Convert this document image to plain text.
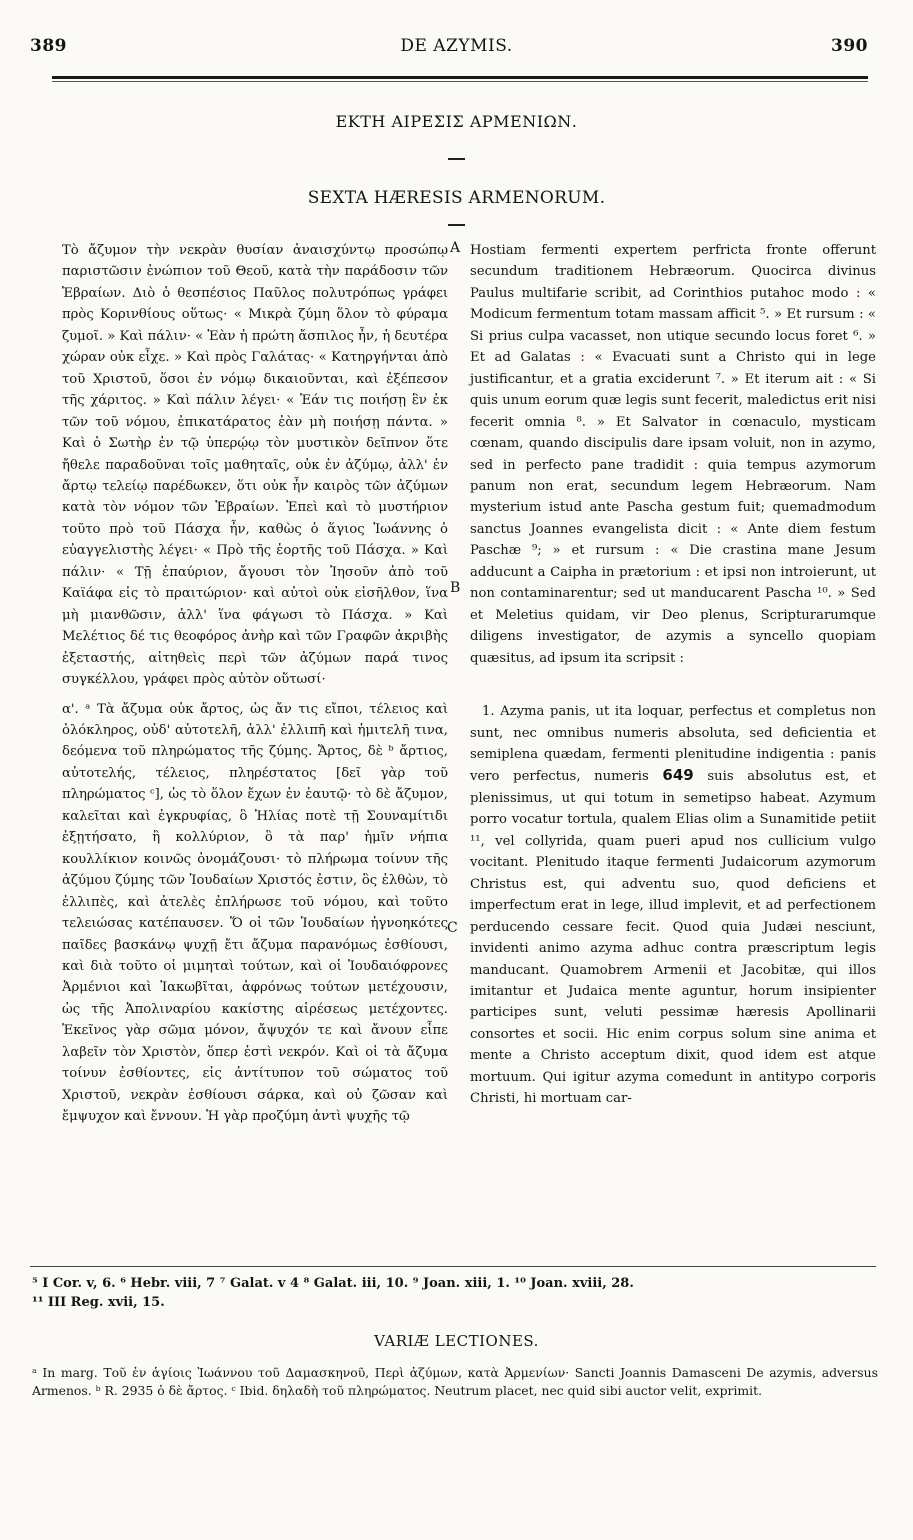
389	DE AZYMIS.	390
ΕΚΤΗ ΑΙΡΕΣΙΣ ΑΡΜΕΝΙΩΝ.
SEXTA HÆRESIS ARMENORUM.
A
B
C

Τὸ ἄζυμον τὴν νεκρὰν θυσίαν ἀναισχύντῳ προσώπῳ παριστῶσιν ἐνώπιον τοῦ Θεοῦ, κατὰ τὴν παράδοσιν τῶν Ἑβραίων. Διὸ ὁ θεσπέσιος Παῦλος πολυτρόπως γράφει πρὸς Κορινθίους οὕτως· « Μικρὰ ζύμη ὅλον τὸ φύραμα ζυμοῖ. » Καὶ πάλιν· « Ἐὰν ἡ πρώτη ἄσπιλος ἦν, ἡ δευτέρα χώραν οὐκ εἶχε. » Καὶ πρὸς Γαλάτας· « Κατηργήνται ἀπὸ τοῦ Χριστοῦ, ὅσοι ἐν νόμῳ δικαιοῦνται, καὶ ἐξέπεσον τῆς χάριτος. » Καὶ πάλιν λέγει· « Ἐάν τις ποιήσῃ ἓν ἐκ τῶν τοῦ νόμου, ἐπικατάρατος ἐὰν μὴ ποιήσῃ πάντα. » Καὶ ὁ Σωτὴρ ἐν τῷ ὑπερῴῳ τὸν μυστικὸν δεῖπνον ὅτε ἤθελε παραδοῦναι τοῖς μαθηταῖς, οὐκ ἐν ἀζύμῳ, ἀλλ' ἐν ἄρτῳ τελείῳ παρέδωκεν, ὅτι οὐκ ἦν καιρὸς τῶν ἀζύμων κατὰ τὸν νόμον τῶν Ἑβραίων. Ἐπεὶ καὶ τὸ μυστήριον τοῦτο πρὸ τοῦ Πάσχα ἦν, καθὼς ὁ ἅγιος Ἰωάννης ὁ εὐαγγελιστὴς λέγει· « Πρὸ τῆς ἑορτῆς τοῦ Πάσχα. » Καὶ πάλιν· « Τῇ ἐπαύριον, ἄγουσι τὸν Ἰησοῦν ἀπὸ τοῦ Καϊάφα εἰς τὸ πραιτώριον· καὶ αὐτοὶ οὐκ εἰσῆλθον, ἵνα μὴ μιανθῶσιν, ἀλλ' ἵνα φάγωσι τὸ Πάσχα. » Καὶ Μελέτιος δέ τις θεοφόρος ἀνὴρ καὶ τῶν Γραφῶν ἀκριβὴς ἐξεταστής, αἰτηθεὶς περὶ τῶν ἀζύμων παρά τινος συγκέλλου, γράφει πρὸς αὐτὸν οὕτωσί·

α'. ᵃ Τὰ ἄζυμα οὐκ ἄρτος, ὡς ἄν τις εἴποι, τέλειος καὶ ὁλόκληρος, οὐδ' αὐτοτελῆ, ἀλλ' ἐλλιπῆ καὶ ἡμιτελῆ τινα, δεόμενα τοῦ πληρώματος τῆς ζύμης. Ἄρτος, δὲ ᵇ ἄρτιος, αὐτοτελής, τέλειος, πληρέστατος [δεῖ γὰρ τοῦ πληρώματος ᶜ], ὡς τὸ ὅλον ἔχων ἐν ἑαυτῷ· τὸ δὲ ἄζυμον, καλεῖται καὶ ἐγκρυφίας, ὃ Ἠλίας ποτὲ τῇ Σουναμίτιδι ἐξῃτήσατο, ἢ κολλύριον, ὃ τὰ παρ' ἡμῖν νήπια κουλλίκιον κοινῶς ὀνομάζουσι· τὸ πλήρωμα τοίνυν τῆς ἀζύμου ζύμης τῶν Ἰουδαίων Χριστός ἐστιν, ὃς ἐλθὼν, τὸ ἐλλιπὲς, καὶ ἀτελὲς ἐπλήρωσε τοῦ νόμου, καὶ τοῦτο τελειώσας κατέπαυσεν. Ὅ οἱ τῶν Ἰουδαίων ἠγνοηκότες παῖδες βασκάνῳ ψυχῇ ἔτι ἄζυμα παρανόμως ἐσθίουσι, καὶ διὰ τοῦτο οἱ μιμηταὶ τούτων, καὶ οἱ Ἰουδαιόφρονες Ἀρμένιοι καὶ Ἰακωβῖται, ἀφρόνως τούτων μετέχουσιν, ὡς τῆς Ἀπολιναρίου κακίστης αἱρέσεως μετέχοντες. Ἐκεῖνος γὰρ σῶμα μόνον, ἄψυχόν τε καὶ ἄνουν εἶπε λαβεῖν τὸν Χριστὸν, ὅπερ ἐστὶ νεκρόν. Καὶ οἱ τὰ ἄζυμα τοίνυν ἐσθίοντες, εἰς ἀντίτυπον τοῦ σώματος τοῦ Χριστοῦ, νεκρὰν ἐσθίουσι σάρκα, καὶ οὐ ζῶσαν καὶ ἔμψυχον καὶ ἔννουν. Ἡ γὰρ προζύμη ἀντὶ ψυχῆς τῷ

Hostiam fermenti expertem perfricta fronte offerunt secundum traditionem Hebræorum. Quocirca divinus Paulus multifarie scribit, ad Corinthios putahoc modo : « Modicum fermentum totam massam afficit ⁵. » Et rursum : « Si prius culpa vacasset, non utique secundo locus foret ⁶. » Et ad Galatas : « Evacuati sunt a Christo qui in lege justificantur, et a gratia exciderunt ⁷. » Et iterum ait : « Si quis unum eorum quæ legis sunt fecerit, maledictus erit nisi fecerit omnia ⁸. » Et Salvator in cœnaculo, mysticam cœnam, quando discipulis dare ipsam voluit, non in azymo, sed in perfecto pane tradidit : quia tempus azymorum panum non erat, secundum legem Hebræorum. Nam mysterium istud ante Pascha gestum fuit; quemadmodum sanctus Joannes evangelista dicit : « Ante diem festum Paschæ ⁹; » et rursum : « Die crastina mane Jesum adducunt a Caipha in prætorium : et ipsi non introierunt, ut non contaminarentur; sed ut manducarent Pascha ¹⁰. » Sed et Meletius quidam, vir Deo plenus, Scripturarumque diligens investigator, de azymis a syncello quopiam quæsitus, ad ipsum ita scripsit :

1. Azyma panis, ut ita loquar, perfectus et completus non sunt, nec omnibus numeris absoluta, sed deficientia et semiplena quædam, fermenti plenitudine indigentia : panis vero perfectus, numeris 649 suis absolutus est, et plenissimus, ut qui totum in semetipso habeat. Azymum porro vocatur tortula, qualem Elias olim a Sunamitide petiit ¹¹, vel collyrida, quam pueri apud nos cullicium vulgo vocitant. Plenitudo itaque fermenti Judaicorum azymorum Christus est, qui adventu suo, quod deficiens et imperfectum erat in lege, illud implevit, et ad perfectionem perducendo cessare fecit. Quod quia Judæi nesciunt, invidenti animo azyma adhuc contra præscriptum legis manducant. Quamobrem Armenii et Jacobitæ, qui illos imitantur et Judaica mente aguntur, horum insipienter participes sunt, veluti pessimæ hæresis Apollinarii consortes et socii. Hic enim corpus solum sine anima et mente a Christo acceptum dixit, quod idem est atque mortuum. Qui igitur azyma comedunt in antitypo corporis Christi, hi mortuam car-

⁵ I Cor. v, 6. ⁶ Hebr. viii, 7 ⁷ Galat. v 4 ⁸ Galat. iii, 10. ⁹ Joan. xiii, 1. ¹⁰ Joan. xviii, 28.
¹¹ III Reg. xvii, 15.
VARIÆ LECTIONES.
ᵃ In marg. Τοῦ ἐν ἁγίοις Ἰωάννου τοῦ Δαμασκηνοῦ, Περὶ ἀζύμων, κατὰ Ἀρμενίων· Sancti Joannis Damasceni De azymis, adversus Armenos. ᵇ R. 2935 ὁ δὲ ἄρτος. ᶜ Ibid. δηλαδὴ τοῦ πληρώματος. Neutrum placet, nec quid sibi auctor velit, exprimit.
